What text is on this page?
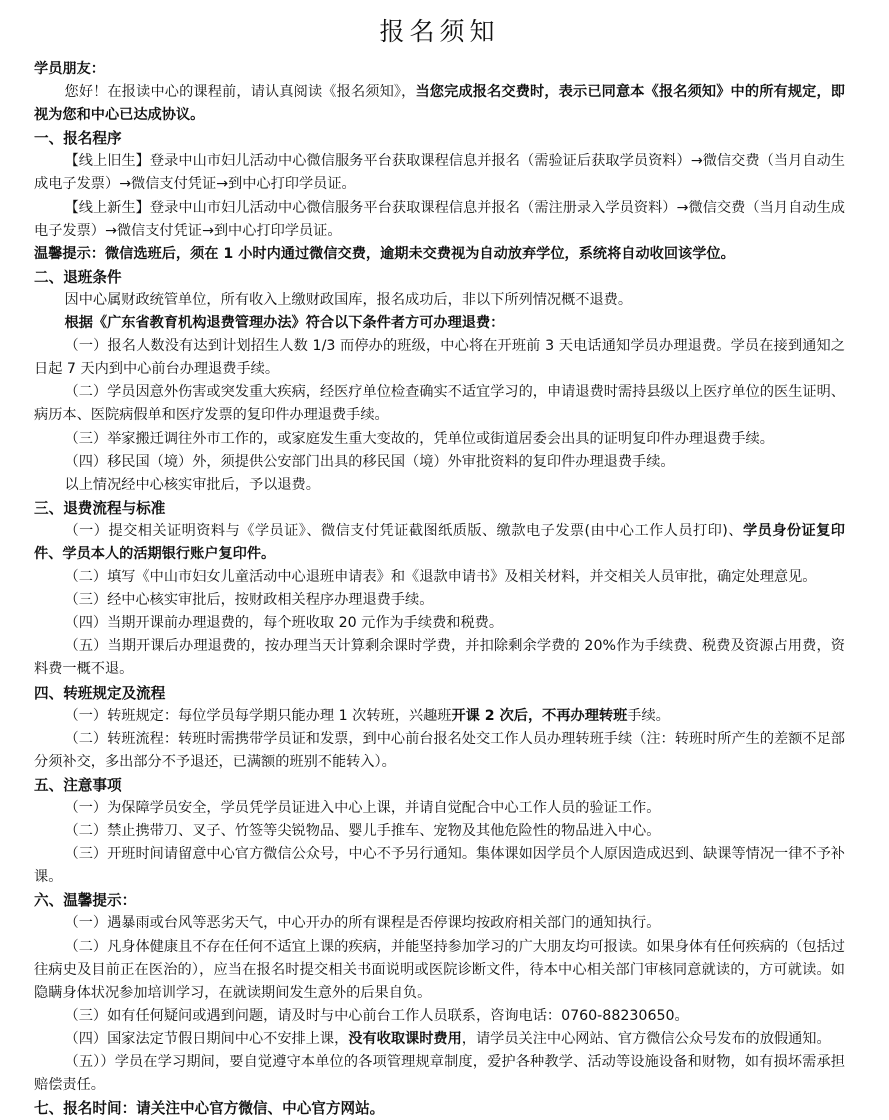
报名须知

学员朋友：

您好！在报读中心的课程前，请认真阅读《报名须知》，当您完成报名交费时，表示已同意本《报名须知》中的所有规定，即视为您和中心已达成协议。

一、报名程序

【线上旧生】登录中山市妇儿活动中心微信服务平台获取课程信息并报名（需验证后获取学员资料）→微信交费（当月自动生成电子发票）→微信支付凭证→到中心打印学员证。

【线上新生】登录中山市妇儿活动中心微信服务平台获取课程信息并报名（需注册录入学员资料）→微信交费（当月自动生成电子发票）→微信支付凭证→到中心打印学员证。

温馨提示：微信选班后，须在 1 小时内通过微信交费，逾期未交费视为自动放弃学位，系统将自动收回该学位。

二、退班条件

因中心属财政统管单位，所有收入上缴财政国库，报名成功后，非以下所列情况概不退费。

根据《广东省教育机构退费管理办法》符合以下条件者方可办理退费：

（一）报名人数没有达到计划招生人数 1/3 而停办的班级，中心将在开班前 3 天电话通知学员办理退费。学员在接到通知之日起 7 天内到中心前台办理退费手续。

（二）学员因意外伤害或突发重大疾病，经医疗单位检查确实不适宜学习的，申请退费时需持县级以上医疗单位的医生证明、病历本、医院病假单和医疗发票的复印件办理退费手续。

（三）举家搬迁调往外市工作的，或家庭发生重大变故的，凭单位或街道居委会出具的证明复印件办理退费手续。

（四）移民国（境）外，须提供公安部门出具的移民国（境）外审批资料的复印件办理退费手续。

以上情况经中心核实审批后，予以退费。

三、退费流程与标准

（一）提交相关证明资料与《学员证》、微信支付凭证截图纸质版、缴款电子发票(由中心工作人员打印)、学员身份证复印件、学员本人的活期银行账户复印件。

（二）填写《中山市妇女儿童活动中心退班申请表》和《退款申请书》及相关材料，并交相关人员审批，确定处理意见。

（三）经中心核实审批后，按财政相关程序办理退费手续。

（四）当期开课前办理退费的，每个班收取 20 元作为手续费和税费。

（五）当期开课后办理退费的，按办理当天计算剩余课时学费，并扣除剩余学费的 20%作为手续费、税费及资源占用费，资料费一概不退。

四、转班规定及流程

（一）转班规定：每位学员每学期只能办理 1 次转班，兴趣班开课 2 次后，不再办理转班手续。

（二）转班流程：转班时需携带学员证和发票，到中心前台报名处交工作人员办理转班手续（注：转班时所产生的差额不足部分须补交，多出部分不予退还，已满额的班别不能转入）。

五、注意事项

（一）为保障学员安全，学员凭学员证进入中心上课，并请自觉配合中心工作人员的验证工作。

（二）禁止携带刀、叉子、竹签等尖锐物品、婴儿手推车、宠物及其他危险性的物品进入中心。

（三）开班时间请留意中心官方微信公众号，中心不予另行通知。集体课如因学员个人原因造成迟到、缺课等情况一律不予补课。

六、温馨提示：

（一）遇暴雨或台风等恶劣天气，中心开办的所有课程是否停课均按政府相关部门的通知执行。

（二）凡身体健康且不存在任何不适宜上课的疾病，并能坚持参加学习的广大朋友均可报读。如果身体有任何疾病的（包括过往病史及目前正在医治的），应当在报名时提交相关书面说明或医院诊断文件，待本中心相关部门审核同意就读的，方可就读。如隐瞒身体状况参加培训学习，在就读期间发生意外的后果自负。

（三）如有任何疑问或遇到问题，请及时与中心前台工作人员联系，咨询电话：0760-88230650。

（四）国家法定节假日期间中心不安排上课，没有收取课时费用，请学员关注中心网站、官方微信公众号发布的放假通知。

（五））学员在学习期间，要自觉遵守本单位的各项管理规章制度，爱护各种教学、活动等设施设备和财物，如有损坏需承担赔偿责任。

七、报名时间：请关注中心官方微信、中心官方网站。
